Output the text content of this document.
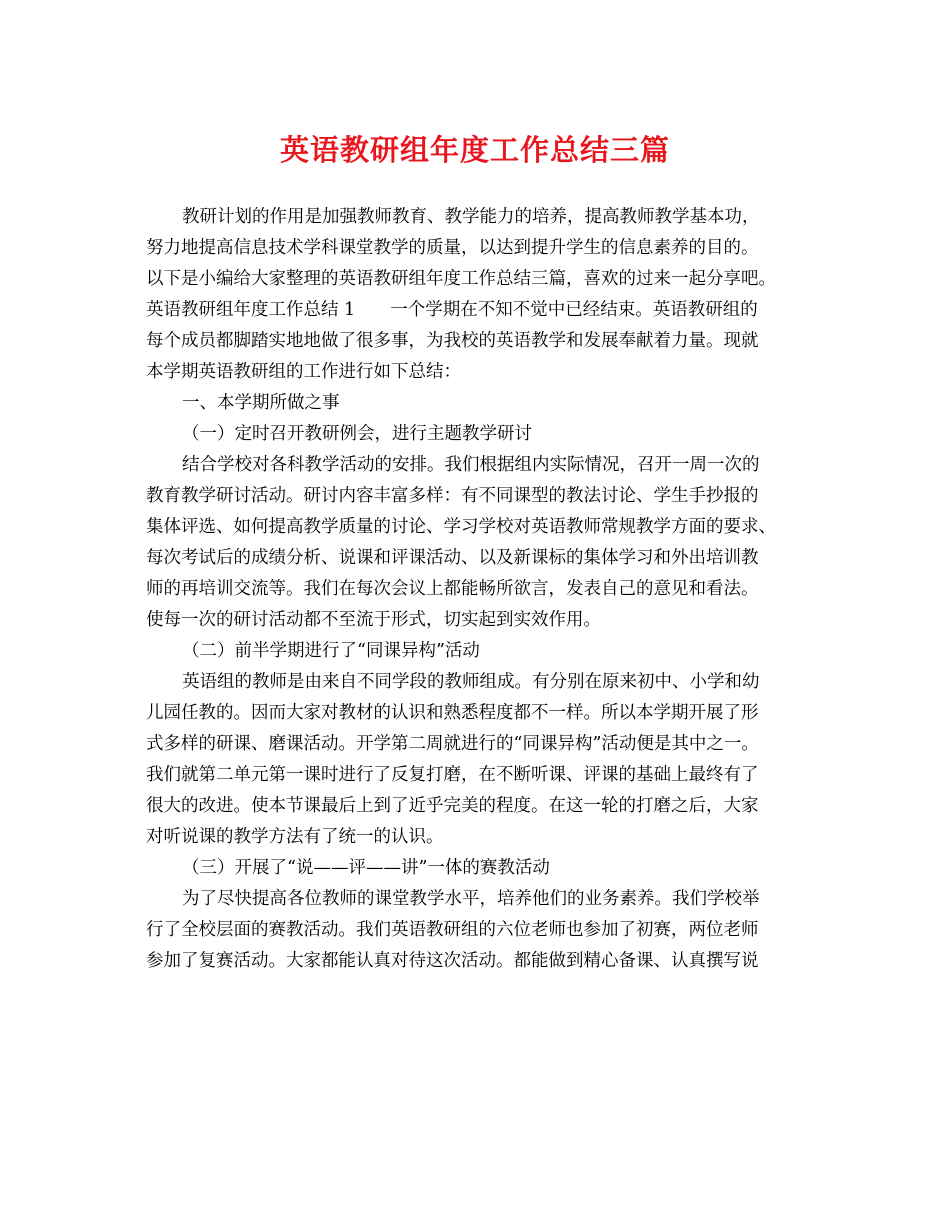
英语教研组年度工作总结三篇
教研计划的作用是加强教师教育、教学能力的培养，提高教师教学基本功，
努力地提高信息技术学科课堂教学的质量，以达到提升学生的信息素养的目的。
以下是小编给大家整理的英语教研组年度工作总结三篇，喜欢的过来一起分享吧。
英语教研组年度工作总结 1　　一个学期在不知不觉中已经结束。英语教研组的
每个成员都脚踏实地地做了很多事，为我校的英语教学和发展奉献着力量。现就
本学期英语教研组的工作进行如下总结：
一、本学期所做之事
（一）定时召开教研例会，进行主题教学研讨
结合学校对各科教学活动的安排。我们根据组内实际情况，召开一周一次的
教育教学研讨活动。研讨内容丰富多样：有不同课型的教法讨论、学生手抄报的
集体评选、如何提高教学质量的讨论、学习学校对英语教师常规教学方面的要求、
每次考试后的成绩分析、说课和评课活动、以及新课标的集体学习和外出培训教
师的再培训交流等。我们在每次会议上都能畅所欲言，发表自己的意见和看法。
使每一次的研讨活动都不至流于形式，切实起到实效作用。
（二）前半学期进行了“同课异构”活动
英语组的教师是由来自不同学段的教师组成。有分别在原来初中、小学和幼
儿园任教的。因而大家对教材的认识和熟悉程度都不一样。所以本学期开展了形
式多样的研课、磨课活动。开学第二周就进行的“同课异构”活动便是其中之一。
我们就第二单元第一课时进行了反复打磨，在不断听课、评课的基础上最终有了
很大的改进。使本节课最后上到了近乎完美的程度。在这一轮的打磨之后，大家
对听说课的教学方法有了统一的认识。
（三）开展了“说——评——讲”一体的赛教活动
为了尽快提高各位教师的课堂教学水平，培养他们的业务素养。我们学校举
行了全校层面的赛教活动。我们英语教研组的六位老师也参加了初赛，两位老师
参加了复赛活动。大家都能认真对待这次活动。都能做到精心备课、认真撰写说
